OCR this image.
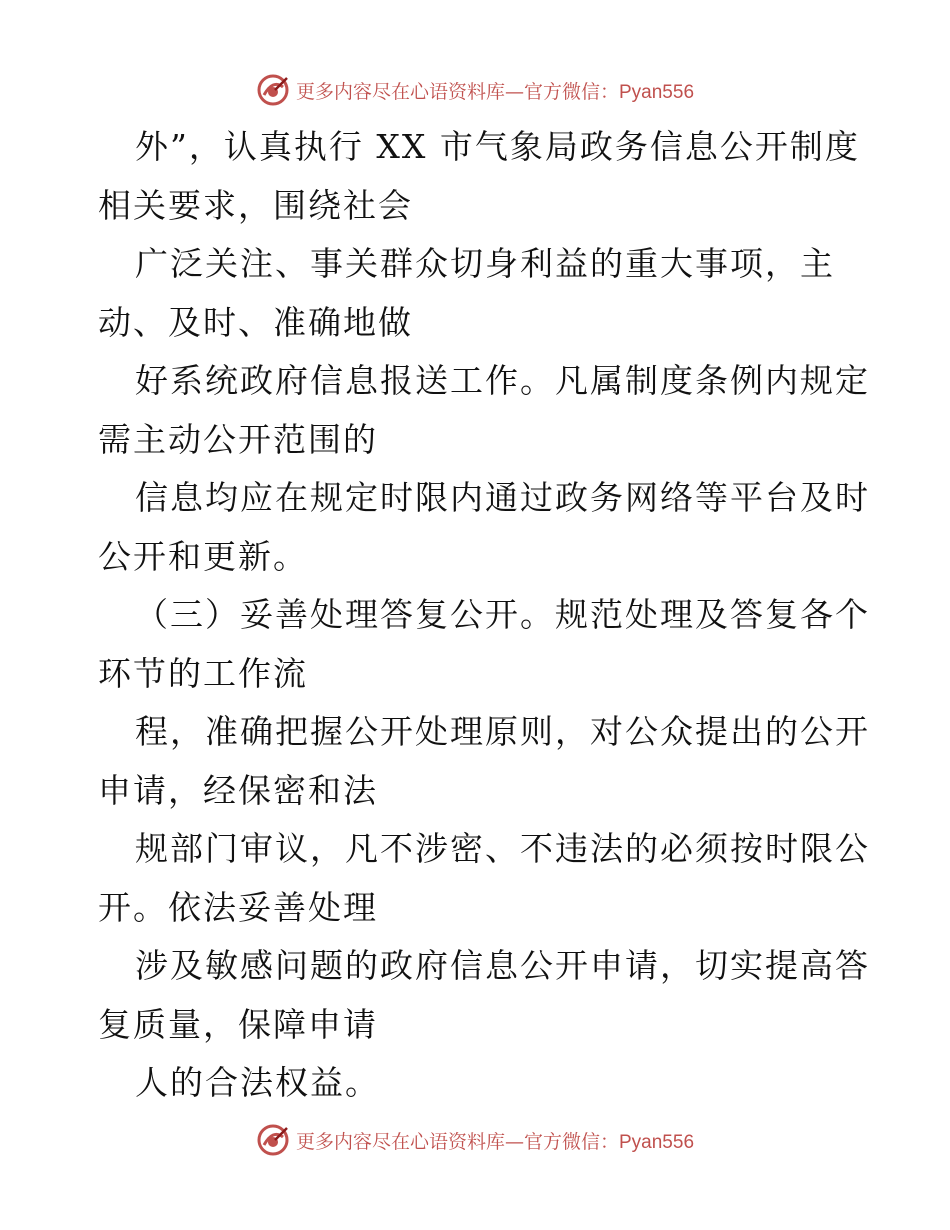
更多内容尽在心语资料库—官方微信：Pyan556
外”，认真执行 XX 市气象局政务信息公开制度
相关要求，围绕社会
广泛关注、事关群众切身利益的重大事项，主
动、及时、准确地做
好系统政府信息报送工作。凡属制度条例内规定
需主动公开范围的
信息均应在规定时限内通过政务网络等平台及时
公开和更新。
（三）妥善处理答复公开。规范处理及答复各个
环节的工作流
程，准确把握公开处理原则，对公众提出的公开
申请，经保密和法
规部门审议，凡不涉密、不违法的必须按时限公
开。依法妥善处理
涉及敏感问题的政府信息公开申请，切实提高答
复质量，保障申请
人的合法权益。
更多内容尽在心语资料库—官方微信：Pyan556
